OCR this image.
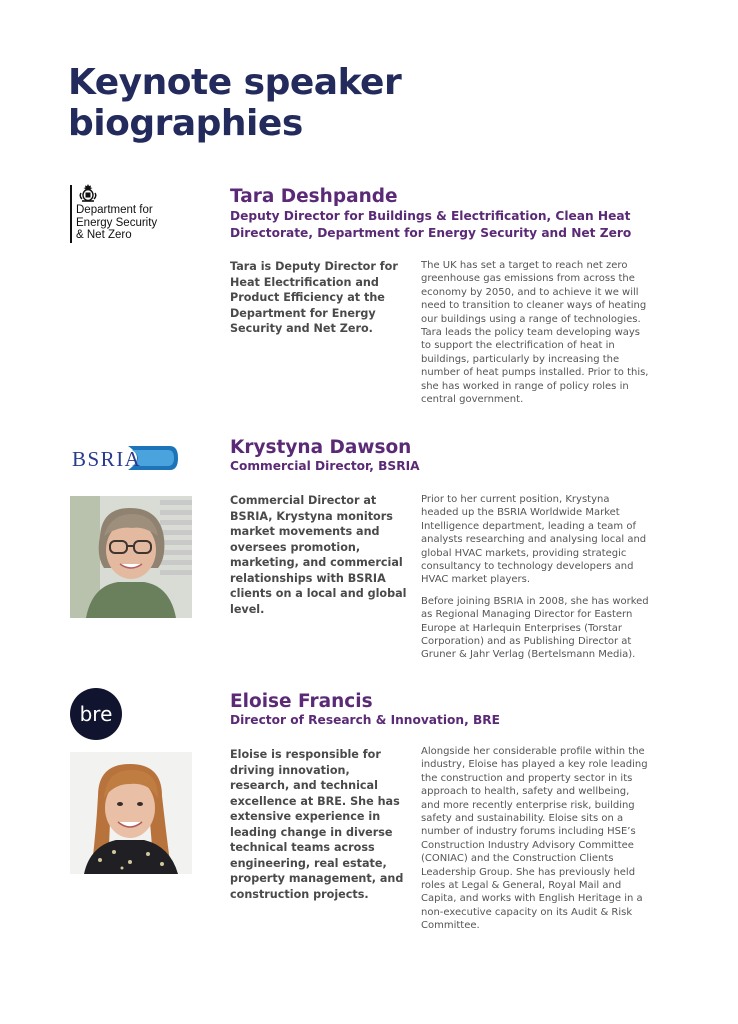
Keynote speaker
biographies
Department for
Energy Security
& Net Zero
Tara Deshpande
Deputy Director for Buildings & Electrification, Clean Heat
Directorate, Department for Energy Security and Net Zero

Tara is Deputy Director for Heat Electrification and Product Efficiency at the Department for Energy Security and Net Zero.

The UK has set a target to reach net zero greenhouse gas emissions from across the economy by 2050, and to achieve it we will need to transition to cleaner ways of heating our buildings using a range of technologies. Tara leads the policy team developing ways to support the electrification of heat in buildings, particularly by increasing the number of heat pumps installed. Prior to this, she has worked in range of policy roles in central government.

BSRIA	Krystyna Dawson
Commercial Director, BSRIA

Commercial Director at BSRIA, Krystyna monitors market movements and oversees promotion, marketing, and commercial relationships with BSRIA clients on a local and global level.

Prior to her current position, Krystyna headed up the BSRIA Worldwide Market Intelligence department, leading a team of analysts researching and analysing local and global HVAC markets, providing strategic consultancy to technology developers and HVAC market players.

Before joining BSRIA in 2008, she has worked as Regional Managing Director for Eastern Europe at Harlequin Enterprises (Torstar Corporation) and as Publishing Director at Gruner & Jahr Verlag (Bertelsmann Media).

bre
Eloise Francis
Director of Research & Innovation, BRE

Eloise is responsible for driving innovation, research, and technical excellence at BRE. She has extensive experience in leading change in diverse technical teams across engineering, real estate, property management, and construction projects.

Alongside her considerable profile within the industry, Eloise has played a key role leading the construction and property sector in its approach to health, safety and wellbeing, and more recently enterprise risk, building safety and sustainability. Eloise sits on a number of industry forums including HSE’s Construction Industry Advisory Committee (CONIAC) and the Construction Clients Leadership Group. She has previously held roles at Legal & General, Royal Mail and Capita, and works with English Heritage in a non-executive capacity on its Audit & Risk Committee.
